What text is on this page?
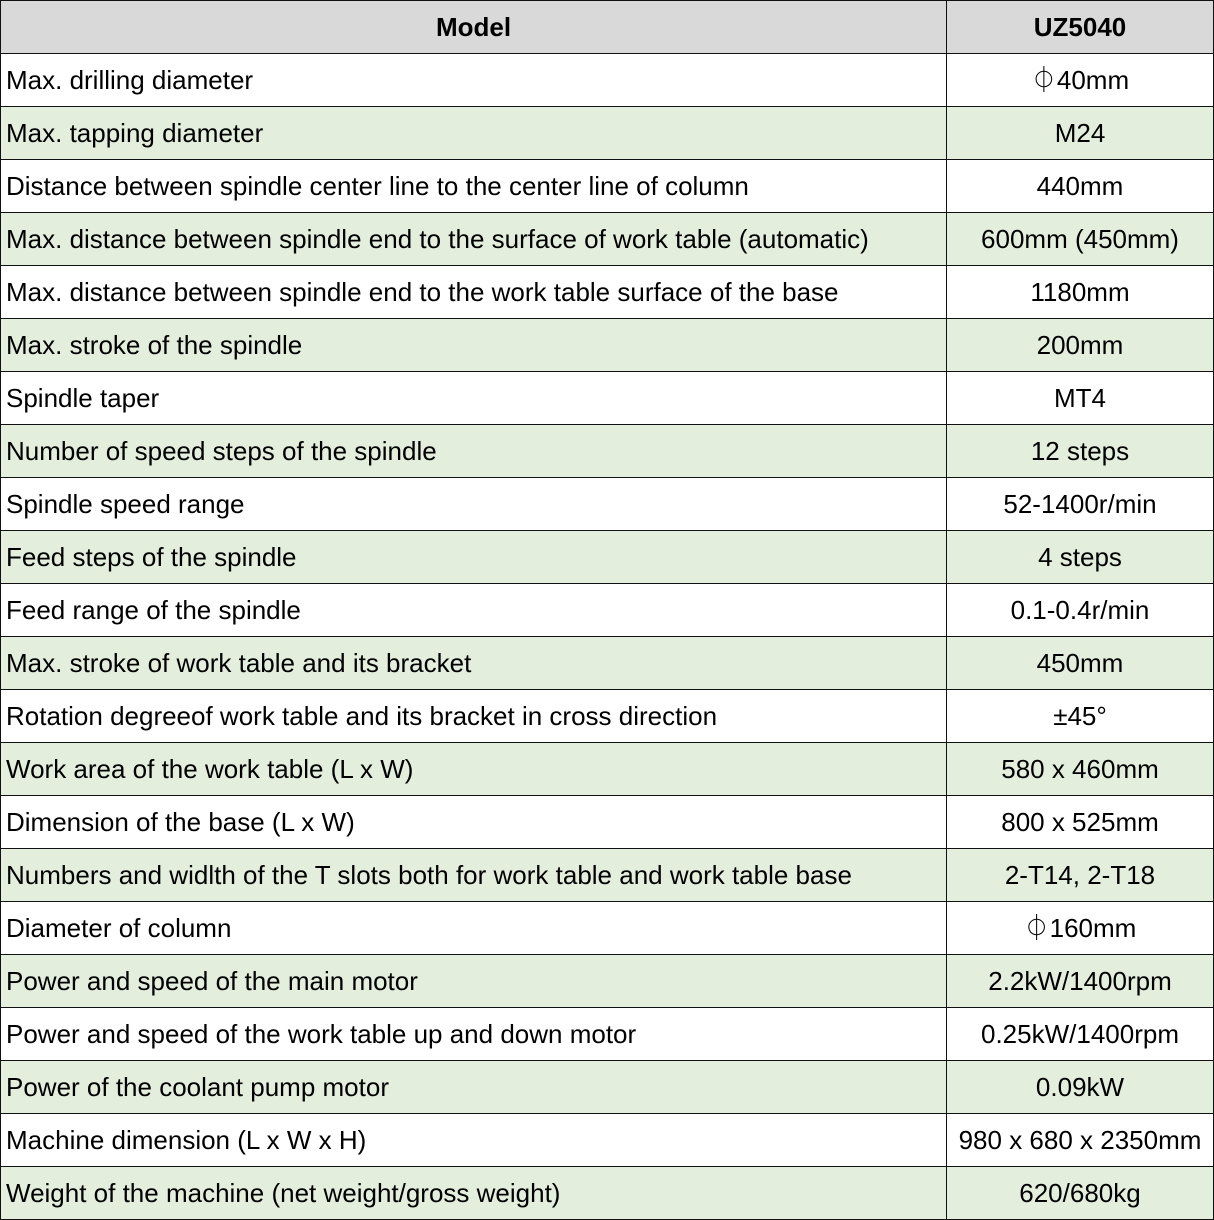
Model	UZ5040
Max. drilling diameter	⏀40mm
Max. tapping diameter	M24
Distance between spindle center line to the center line of column	440mm
Max. distance between spindle end to the surface of work table (automatic)	600mm (450mm)
Max. distance between spindle end to the work table surface of the base	1180mm
Max. stroke of the spindle	200mm
Spindle taper	MT4
Number of speed steps of the spindle	12 steps
Spindle speed range	52-1400r/min
Feed steps of the spindle	4 steps
Feed range of the spindle	0.1-0.4r/min
Max. stroke of work table and its bracket	450mm
Rotation degreeof work table and its bracket in cross direction	±45°
Work area of the work table (L x W)	580 x 460mm
Dimension of the base (L x W)	800 x 525mm
Numbers and widlth of the T slots both for work table and work table base	2-T14, 2-T18
Diameter of column	⏀160mm
Power and speed of the main motor	2.2kW/1400rpm
Power and speed of the work table up and down motor	0.25kW/1400rpm
Power of the coolant pump motor	0.09kW
Machine dimension (L x W x H)	980 x 680 x 2350mm
Weight of the machine (net weight/gross weight)	620/680kg
